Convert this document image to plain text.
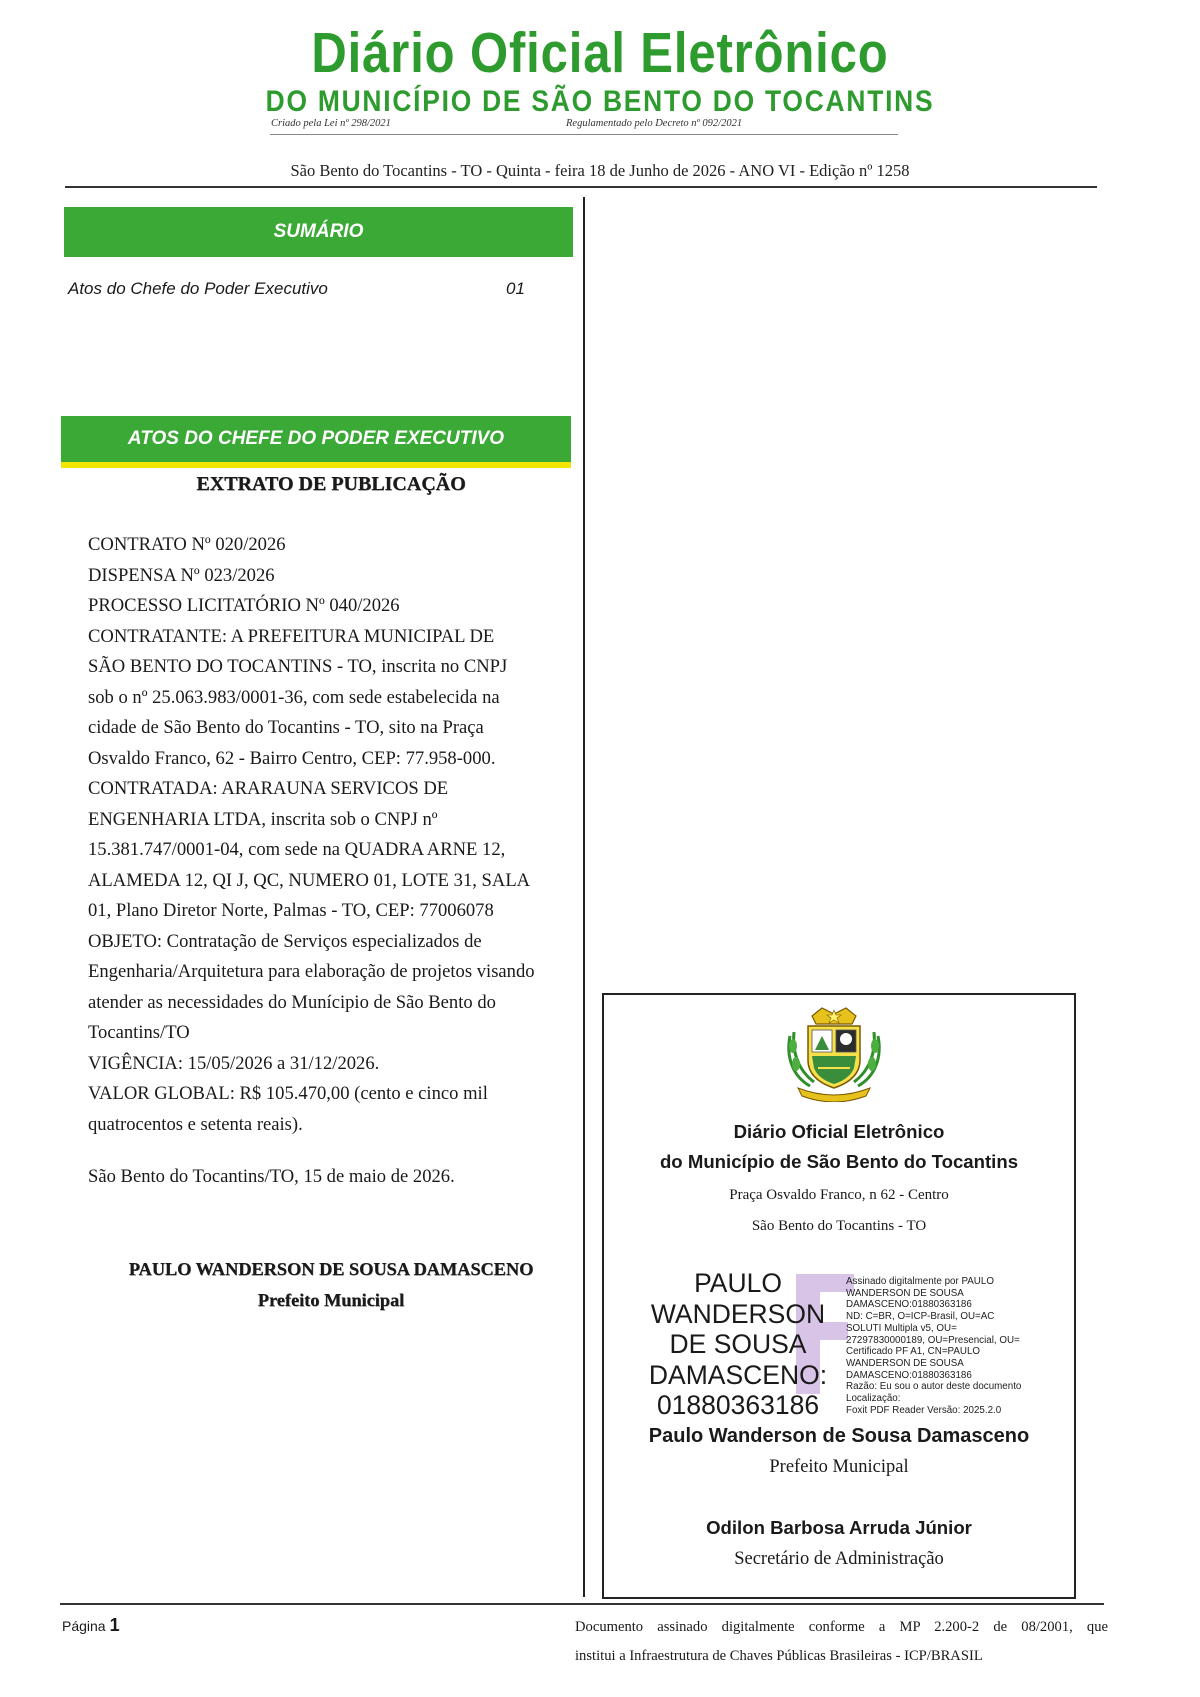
Diário Oficial Eletrônico
DO MUNICÍPIO DE SÃO BENTO DO TOCANTINS
Criado pela Lei nº 298/2021	Regulamentado pelo Decreto nº 092/2021
São Bento do Tocantins - TO - Quinta - feira 18 de Junho de 2026 - ANO VI - Edição nº 1258
SUMÁRIO
Atos do Chefe do Poder Executivo	01
ATOS DO CHEFE DO PODER EXECUTIVO
EXTRATO DE PUBLICAÇÃO
CONTRATO Nº 020/2026
DISPENSA Nº 023/2026
PROCESSO LICITATÓRIO Nº 040/2026
CONTRATANTE: A PREFEITURA MUNICIPAL DE
SÃO BENTO DO TOCANTINS - TO, inscrita no CNPJ
sob o nº 25.063.983/0001-36, com sede estabelecida na
cidade de São Bento do Tocantins - TO, sito na Praça
Osvaldo Franco, 62 - Bairro Centro, CEP: 77.958-000.
CONTRATADA: ARARAUNA SERVICOS DE
ENGENHARIA LTDA, inscrita sob o CNPJ nº
15.381.747/0001-04, com sede na QUADRA ARNE 12,
ALAMEDA 12, QI J, QC, NUMERO 01, LOTE 31, SALA
01, Plano Diretor Norte, Palmas - TO, CEP: 77006078
OBJETO: Contratação de Serviços especializados de
Engenharia/Arquitetura para elaboração de projetos visando
atender as necessidades do Munícipio de São Bento do
Tocantins/TO
VIGÊNCIA: 15/05/2026 a 31/12/2026.
VALOR GLOBAL: R$ 105.470,00 (cento e cinco mil
quatrocentos e setenta reais).
São Bento do Tocantins/TO, 15 de maio de 2026.
PAULO WANDERSON DE SOUSA DAMASCENO
Prefeito Municipal
Diário Oficial Eletrônico
do Município de São Bento do Tocantins
Praça Osvaldo Franco, n 62 - Centro
São Bento do Tocantins - TO
PAULO
WANDERSON
DE SOUSA
DAMASCENO:
01880363186
Assinado digitalmente por PAULO
WANDERSON DE SOUSA
DAMASCENO:01880363186
ND: C=BR, O=ICP-Brasil, OU=AC
SOLUTI Multipla v5, OU=
27297830000189, OU=Presencial, OU=
Certificado PF A1, CN=PAULO
WANDERSON DE SOUSA
DAMASCENO:01880363186
Razão: Eu sou o autor deste documento
Localização:
Foxit PDF Reader Versão: 2025.2.0
Paulo Wanderson de Sousa Damasceno
Prefeito Municipal
Odilon Barbosa Arruda Júnior
Secretário de Administração
Página 1	Documento assinado digitalmente conforme a MP 2.200-2 de 08/2001, que
institui a Infraestrutura de Chaves Públicas Brasileiras - ICP/BRASIL
